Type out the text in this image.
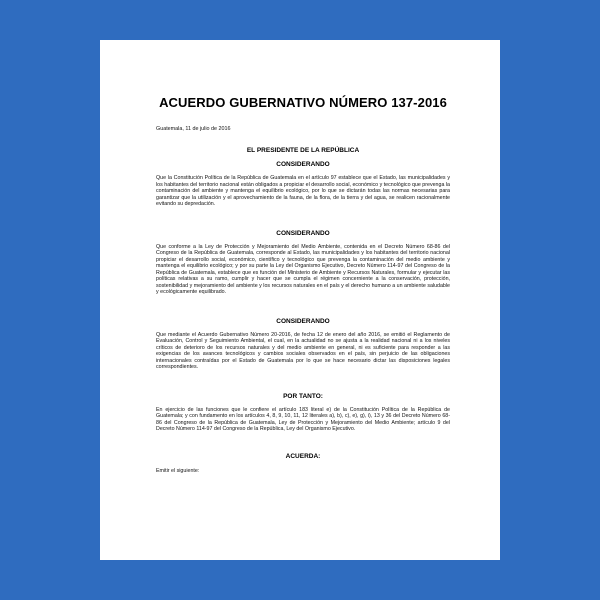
ACUERDO GUBERNATIVO NÚMERO 137-2016

Guatemala, 11 de julio de 2016

EL PRESIDENTE DE LA REPÚBLICA

CONSIDERANDO

Que la Constitución Política de la República de Guatemala en el artículo 97 establece que el Estado, las municipalidades y los habitantes del territorio nacional están obligados a propiciar el desarrollo social, económico y tecnológico que prevenga la contaminación del ambiente y mantenga el equilibrio ecológico, por lo que se dictarán todas las normas necesarias para garantizar que la utilización y el aprovechamiento de la fauna, de la flora, de la tierra y del agua, se realicen racionalmente evitando su depredación.

CONSIDERANDO

Que conforme a la Ley de Protección y Mejoramiento del Medio Ambiente, contenida en el Decreto Número 68-86 del Congreso de la República de Guatemala, corresponde al Estado, las municipalidades y los habitantes del territorio nacional propiciar el desarrollo social, económico, científico y tecnológico que prevenga la contaminación del medio ambiente y mantenga el equilibrio ecológico; y por su parte la Ley del Organismo Ejecutivo, Decreto Número 114-97 del Congreso de la República de Guatemala, establece que es función del Ministerio de Ambiente y Recursos Naturales, formular y ejecutar las políticas relativas a su ramo, cumplir y hacer que se cumpla el régimen concerniente a la conservación, protección, sostenibilidad y mejoramiento del ambiente y los recursos naturales en el país y el derecho humano a un ambiente saludable y ecológicamente equilibrado.

CONSIDERANDO

Que mediante el Acuerdo Gubernativo Número 20-2016, de fecha 12 de enero del año 2016, se emitió el Reglamento de Evaluación, Control y Seguimiento Ambiental, el cual, en la actualidad no se ajusta a la realidad nacional ni a los niveles críticos de deterioro de los recursos naturales y del medio ambiente en general, ni es suficiente para responder a las exigencias de los avances tecnológicos y cambios sociales observados en el país, sin perjuicio de las obligaciones internacionales contraídas por el Estado de Guatemala por lo que se hace necesario dictar las disposiciones legales correspondientes.

POR TANTO:

En ejercicio de las funciones que le confiere el artículo 183 literal e) de la Constitución Política de la República de Guatemala; y con fundamento en los artículos 4, 8, 9, 10, 11, 12 literales a), b), c), e), g), i), 13 y 36 del Decreto Número 68-86 del Congreso de la República de Guatemala, Ley de Protección y Mejoramiento del Medio Ambiente; artículo 9 del Decreto Número 114-97 del Congreso de la República, Ley del Organismo Ejecutivo.

ACUERDA:

Emitir el siguiente:
